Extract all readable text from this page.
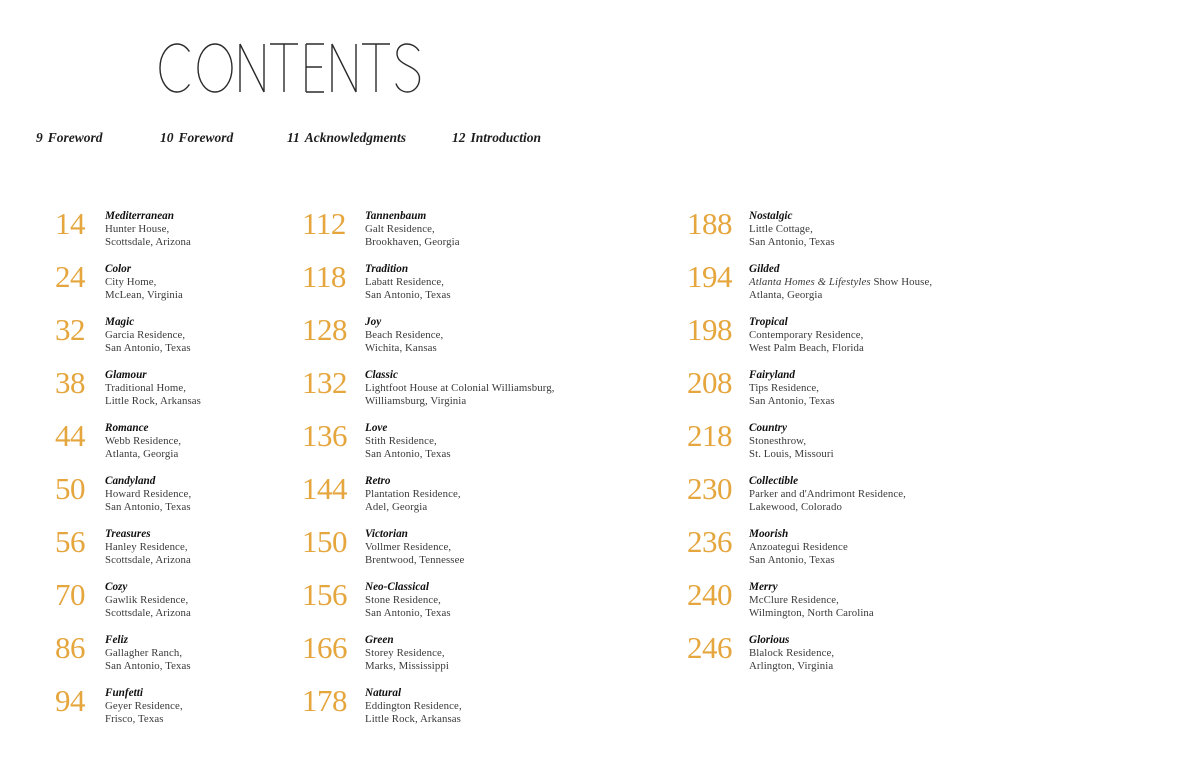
9 Foreword	10 Foreword	11 Acknowledgments	12 Introduction
14	Mediterranean
Hunter House,
Scottsdale, Arizona
24	Color
City Home,
McLean, Virginia
32	Magic
Garcia Residence,
San Antonio, Texas
38	Glamour
Traditional Home,
Little Rock, Arkansas
44	Romance
Webb Residence,
Atlanta, Georgia
50	Candyland
Howard Residence,
San Antonio, Texas
56	Treasures
Hanley Residence,
Scottsdale, Arizona
70	Cozy
Gawlik Residence,
Scottsdale, Arizona
86	Feliz
Gallagher Ranch,
San Antonio, Texas
94	Funfetti
Geyer Residence,
Frisco, Texas
112	Tannenbaum
Galt Residence,
Brookhaven, Georgia
118	Tradition
Labatt Residence,
San Antonio, Texas
128	Joy
Beach Residence,
Wichita, Kansas
132	Classic
Lightfoot House at Colonial Williamsburg,
Williamsburg, Virginia
136	Love
Stith Residence,
San Antonio, Texas
144	Retro
Plantation Residence,
Adel, Georgia
150	Victorian
Vollmer Residence,
Brentwood, Tennessee
156	Neo-Classical
Stone Residence,
San Antonio, Texas
166	Green
Storey Residence,
Marks, Mississippi
178	Natural
Eddington Residence,
Little Rock, Arkansas
188	Nostalgic
Little Cottage,
San Antonio, Texas
194	Gilded
Atlanta Homes & Lifestyles Show House,
Atlanta, Georgia
198	Tropical
Contemporary Residence,
West Palm Beach, Florida
208	Fairyland
Tips Residence,
San Antonio, Texas
218	Country
Stonesthrow,
St. Louis, Missouri
230	Collectible
Parker and d'Andrimont Residence,
Lakewood, Colorado
236	Moorish
Anzoategui Residence
San Antonio, Texas
240	Merry
McClure Residence,
Wilmington, North Carolina
246	Glorious
Blalock Residence,
Arlington, Virginia
